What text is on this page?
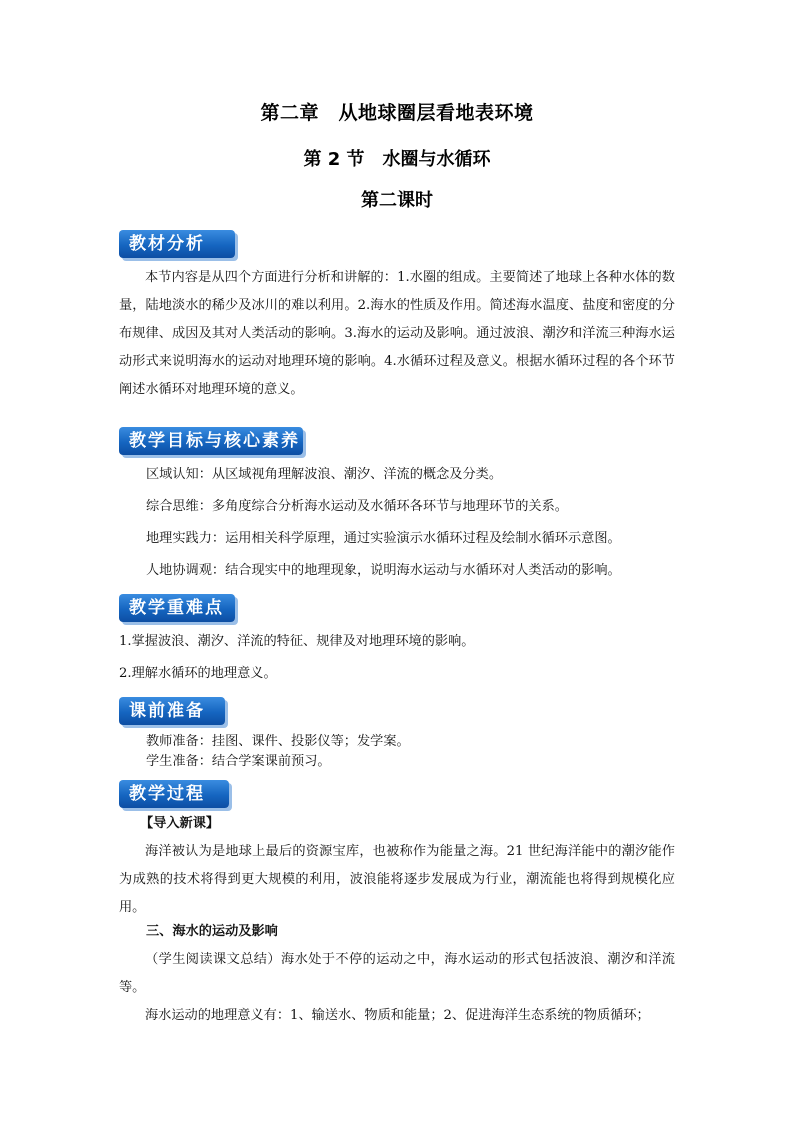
第二章　从地球圈层看地表环境
第 2 节　水圈与水循环
第二课时
教材分析

本节内容是从四个方面进行分析和讲解的：1.水圈的组成。主要简述了地球上各种水体的数量，陆地淡水的稀少及冰川的难以利用。2.海水的性质及作用。简述海水温度、盐度和密度的分布规律、成因及其对人类活动的影响。3.海水的运动及影响。通过波浪、潮汐和洋流三种海水运动形式来说明海水的运动对地理环境的影响。4.水循环过程及意义。根据水循环过程的各个环节阐述水循环对地理环境的意义。

教学目标与核心素养

区域认知：从区域视角理解波浪、潮汐、洋流的概念及分类。

综合思维：多角度综合分析海水运动及水循环各环节与地理环节的关系。

地理实践力：运用相关科学原理，通过实验演示水循环过程及绘制水循环示意图。

人地协调观：结合现实中的地理现象，说明海水运动与水循环对人类活动的影响。

教学重难点

1.掌握波浪、潮汐、洋流的特征、规律及对地理环境的影响。

2.理解水循环的地理意义。

课前准备

教师准备：挂图、课件、投影仪等；发学案。

学生准备：结合学案课前预习。

教学过程

【导入新课】

海洋被认为是地球上最后的资源宝库，也被称作为能量之海。21 世纪海洋能中的潮汐能作为成熟的技术将得到更大规模的利用，波浪能将逐步发展成为行业，潮流能也将得到规模化应用。

三、海水的运动及影响

（学生阅读课文总结）海水处于不停的运动之中，海水运动的形式包括波浪、潮汐和洋流等。

海水运动的地理意义有：1、输送水、物质和能量；2、促进海洋生态系统的物质循环；
